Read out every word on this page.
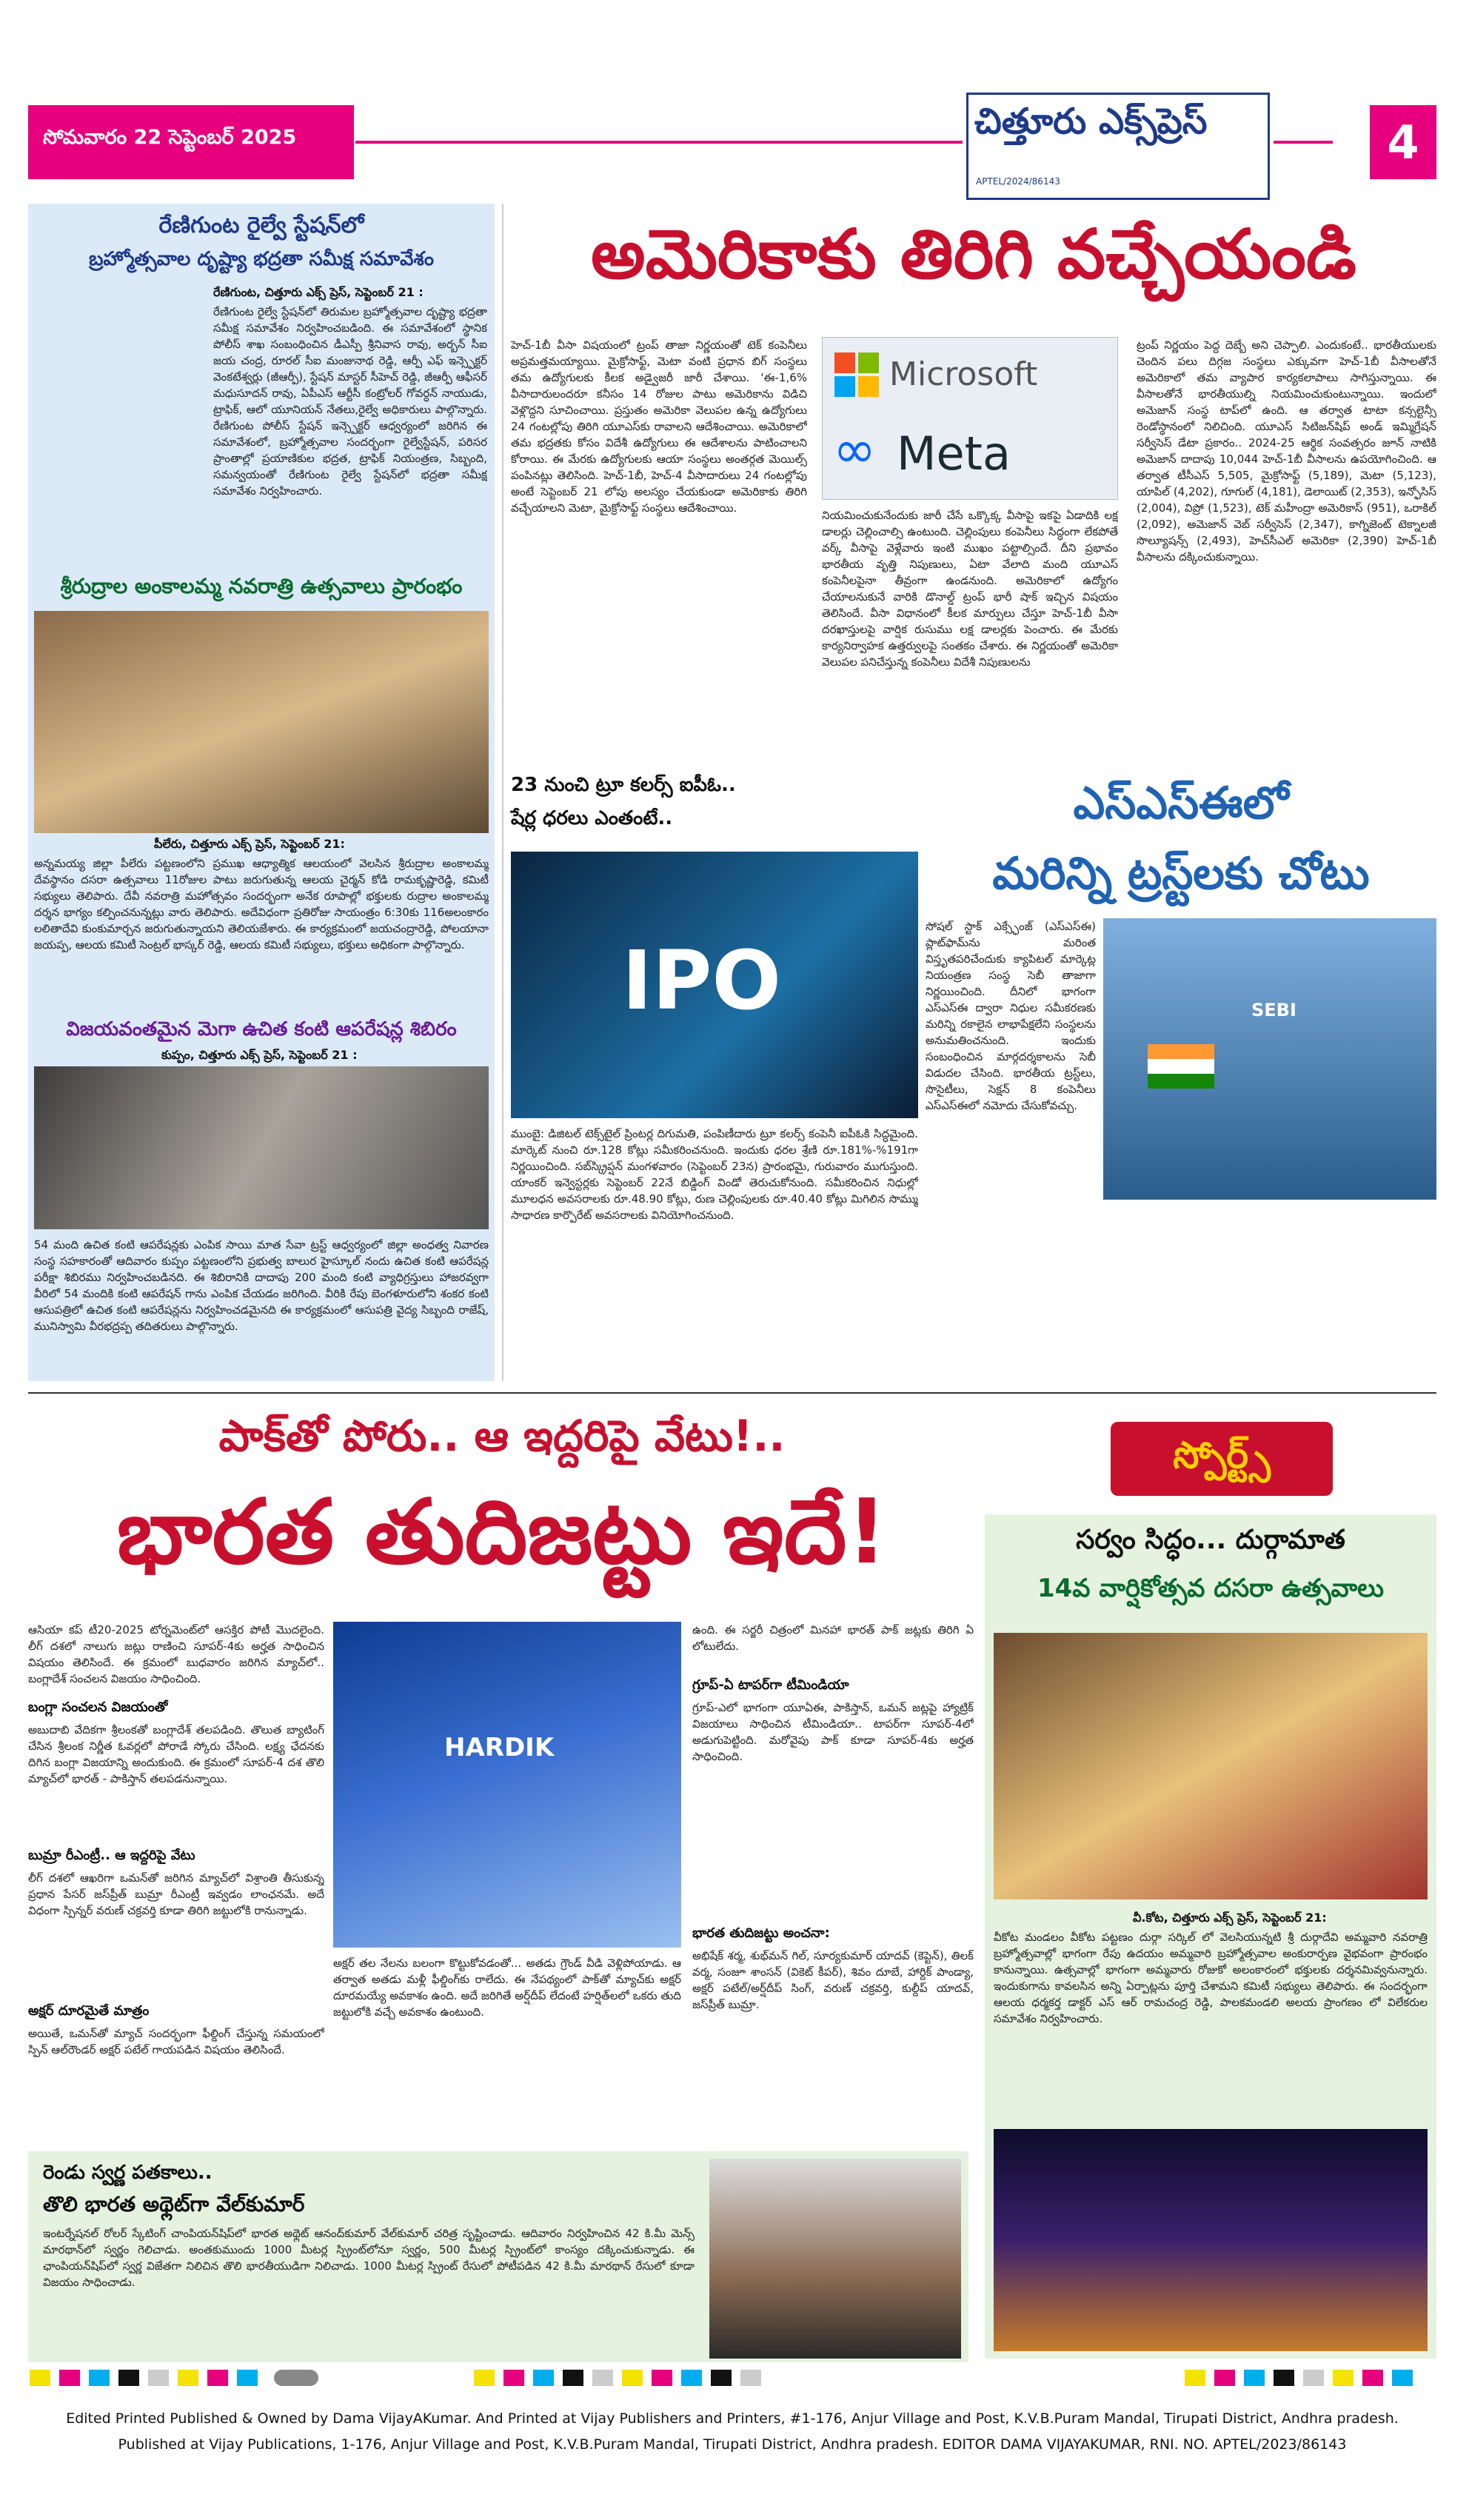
సోమవారం 22 సెప్టెంబర్ 2025	చిత్తూరు ఎక్స్‌ప్రెస్
APTEL/2024/86143
4
రేణిగుంట రైల్వే స్టేషన్‌లో
బ్రహ్మోత్సవాల దృష్ట్యా భద్రతా సమీక్ష సమావేశం
రేణిగుంట, చిత్తూరు ఎక్స్ ప్రెస్, సెప్టెంబర్ 21 :
రేణిగుంట రైల్వే స్టేషన్‌లో తిరుమల బ్రహ్మోత్సవాల దృష్ట్యా భద్రతా సమీక్ష సమావేశం నిర్వహించబడింది. ఈ సమావేశంలో స్థానిక పోలీస్ శాఖ సంబంధించిన డీఎస్పీ శ్రీనివాస రావు, అర్బన్ సీఐ జయ చంద్ర, రూరల్ సీఐ మంజునాథ రెడ్డి, ఆర్పీ ఎఫ్ ఇన్స్పెక్టర్ వెంకటేశ్వర్లు (జీఆర్పీ), స్టేషన్ మాస్టర్ సీహెచ్ రెడ్డి, జీఆర్పీ ఆఫీసర్ మధుసూదన్ రావు, ఏపీఎస్ ఆర్టీసీ కంట్రోలర్ గోవర్ధన్ నాయుడు, ట్రాఫిక్, ఆలో యూనియన్ నేతలు,రైల్వే అధికారులు పాల్గొన్నారు. రేణిగుంట పోలీస్ స్టేషన్ ఇన్స్పెక్టర్ ఆధ్వర్యంలో జరిగిన ఈ సమావేశంలో, బ్రహ్మోత్సవాల సందర్భంగా రైల్వేస్టేషన్, పరిసర ప్రాంతాల్లో ప్రయాణికుల భద్రత, ట్రాఫిక్ నియంత్రణ, సిబ్బంది, సమన్వయంతో రేణిగుంట రైల్వే స్టేషన్‌లో భద్రతా సమీక్ష సమావేశం నిర్వహించారు.
శ్రీరుద్రాల అంకాలమ్మ నవరాత్రి ఉత్సవాలు ప్రారంభం
పీలేరు, చిత్తూరు ఎక్స్ ప్రెస్, సెప్టెంబర్ 21:
అన్నమయ్య జిల్లా పీలేరు పట్టణంలోని ప్రముఖ ఆధ్యాత్మిక ఆలయంలో వెలసిన శ్రీరుద్రాల అంకాలమ్మ దేవస్థానం దసరా ఉత్సవాలు 11రోజుల పాటు జరుగుతున్న ఆలయ చైర్మన్ కోడి రామకృష్ణారెడ్డి, కమిటీ సభ్యులు తెలిపారు. దేవీ నవరాత్రి మహోత్సవం సందర్భంగా అనేక రూపాల్లో భక్తులకు రుద్రాల అంకాలమ్మ దర్శన భాగ్యం కల్పించనున్నట్లు వారు తెలిపారు. అదేవిధంగా ప్రతిరోజు సాయంత్రం 6:30కు 116అలంకారం లలితాదేవి కుంకుమార్చన జరుగుతున్నాయని తెలియజేశారు. ఈ కార్యక్రమంలో జయచంద్రారెడ్డి, పోలయానా జయప్ప, ఆలయ కమిటీ సెంట్రల్ భాస్కర్ రెడ్డి, ఆలయ కమిటీ సభ్యులు, భక్తులు అధికంగా పాల్గొన్నారు.
విజయవంతమైన మెగా ఉచిత కంటి ఆపరేషన్ల శిబిరం
కుప్పం, చిత్తూరు ఎక్స్ ప్రెస్, సెప్టెంబర్ 21 :
54 మంది ఉచిత కంటి ఆపరేషన్లకు ఎంపిక సాయి మాత సేవా ట్రస్ట్ ఆధ్వర్యంలో జిల్లా అంధత్వ నివారణ సంస్థ సహకారంతో ఆదివారం కుప్పం పట్టణంలోని ప్రభుత్వ బాలుర హైస్కూల్ నందు ఉచిత కంటి ఆపరేషన్ల పరీక్షా శిబిరము నిర్వహించబడినది. ఈ శిబిరానికి దాదాపు 200 మంది కంటి వ్యాధిగ్రస్తులు హాజరవ్వగా వీరిలో 54 మందికి కంటి ఆపరేషన్ గాను ఎంపిక చేయడం జరిగింది. వీరికి రేపు బెంగళూరులోని శంకర కంటి ఆసుపత్రిలో ఉచిత కంటి ఆపరేషన్లను నిర్వహించడమైనది ఈ కార్యక్రమంలో ఆసుపత్రి వైద్య సిబ్బంది రాజేష్, మునిస్వామి వీరభద్రప్ప తదితరులు పాల్గొన్నారు.
అమెరికాకు తిరిగి వచ్చేయండి
హెచ్-1బీ వీసా విషయంలో ట్రంప్ తాజా నిర్ణయంతో టెక్ కంపెనీలు అప్రమత్తమయ్యాయి. మైక్రోసాఫ్ట్, మెటా వంటి ప్రధాన బిగ్ సంస్థలు తమ ఉద్యోగులకు కీలక అడ్వైజరీ జారీ చేశాయి. 'ఈ-1,6% వీసాదారులందరూ కనీసం 14 రోజుల పాటు అమెరికాను విడిచి వెళ్లొద్దని సూచించాయి. ప్రస్తుతం అమెరికా వెలుపల ఉన్న ఉద్యోగులు 24 గంటల్లోపు తిరిగి యూఎస్‌కు రావాలని ఆదేశించాయి. అమెరికాలో తమ భద్రతకు కోసం విదేశీ ఉద్యోగులు ఈ ఆదేశాలను పాటించాలని కోరాయి. ఈ మేరకు ఉద్యోగులకు ఆయా సంస్థలు అంతర్గత మెయిల్స్ పంపినట్లు తెలిసింది. హెచ్-1బీ, హెచ్-4 వీసాదారులు 24 గంటల్లోపు అంటే సెప్టెంబర్ 21 లోపు అలస్యం చేయకుండా అమెరికాకు తిరిగి వచ్చేయాలని మెటా, మైక్రోసాఫ్ట్ సంస్థలు ఆదేశించాయి.
Microsoft
∞ Meta
నియమించుకునేందుకు జారీ చేసే ఒక్కొక్క వీసాపై ఇకపై ఏడాదికి లక్ష డాలర్లు చెల్లించాల్సి ఉంటుంది. చెల్లింపులు కంపెనీలు సిద్ధంగా లేకపోతే వర్క్ వీసాపై వెళ్లేవారు ఇంటి ముఖం పట్టాల్సిందే. దీని ప్రభావం భారతీయ వృత్తి నిపుణులు, ఏటా వేలాది మంది యూఎస్ కంపెనీలపైనా తీవ్రంగా ఉండనుంది. అమెరికాలో ఉద్యోగం చేయాలనుకునే వారికి డొనాల్డ్ ట్రంప్ భారీ షాక్ ఇచ్చిన విషయం తెలిసిందే. వీసా విధానంలో కీలక మార్పులు చేస్తూ హెచ్-1బీ వీసా దరఖాస్తులపై వార్షిక రుసుము లక్ష డాలర్లకు పెంచారు. ఈ మేరకు కార్యనిర్వాహక ఉత్తర్వులపై సంతకం చేశారు. ఈ నిర్ణయంతో అమెరికా వెలుపల పనిచేస్తున్న కంపెనీలు విదేశీ నిపుణులను
ట్రంప్ నిర్ణయం పెద్ద దెబ్బే అని చెప్పాలి. ఎందుకంటే.. భారతీయులకు చెందిన పలు దిగ్గజ సంస్థలు ఎక్కువగా హెచ్-1బీ వీసాలతోనే అమెరికాలో తమ వ్యాపార కార్యకలాపాలు సాగిస్తున్నాయి. ఈ వీసాలతోనే భారతీయుల్ని నియమించుకుంటున్నాయి. ఇందులో అమెజాన్ సంస్థ టాప్‌లో ఉంది. ఆ తర్వాత టాటా కన్సల్టెన్సీ రెండోస్థానంలో నిలిచింది. యూఎస్ సిటిజన్‌షిప్ అండ్ ఇమ్మిగ్రేషన్ సర్వీసెస్ డేటా ప్రకారం.. 2024-25 ఆర్థిక సంవత్సరం జూన్ నాటికి అమెజాన్ దాదాపు 10,044 హెచ్-1బీ వీసాలను ఉపయోగించింది. ఆ తర్వాత టీసీఎస్ 5,505, మైక్రోసాఫ్ట్ (5,189), మెటా (5,123), యాపిల్ (4,202), గూగుల్ (4,181), డెలాయిట్ (2,353), ఇన్ఫోసిస్ (2,004), విప్రో (1,523), టెక్ మహీంద్రా అమెరికాస్ (951), ఒరాకిల్ (2,092), అమెజాన్ వెబ్ సర్వీసెస్ (2,347), కాగ్నిజెంట్ టెక్నాలజీ సొల్యూషన్స్ (2,493), హెచ్‌సీఎల్ అమెరికా (2,390) హెచ్-1బీ వీసాలను దక్కించుకున్నాయి.
23 నుంచి ట్రూ కలర్స్ ఐపీఓ..
షేర్ల ధరలు ఎంతంటే..
IPO
ముంబై: డిజిటల్ టెక్స్‌టైల్ ప్రింటర్ల దిగుమతి, పంపిణీదారు ట్రూ కలర్స్ కంపెనీ ఐపీఓకి సిద్ధమైంది. మార్కెట్ నుంచి రూ.128 కోట్లు సమీకరించనుంది. ఇందుకు ధరల శ్రేణి రూ.181%-%191గా నిర్ణయించింది. సబ్‌స్క్రిప్షన్ మంగళవారం (సెప్టెంబర్ 23న) ప్రారంభమై, గురువారం ముగుస్తుంది. యాంకర్ ఇన్వెస్టర్లకు సెప్టెంబర్ 22నే బిడ్డింగ్ విండో తెరుచుకోనుంది. సమీకరించిన నిధుల్లో మూలధన అవసరాలకు రూ.48.90 కోట్లు, రుణ చెల్లింపులకు రూ.40.40 కోట్లు మిగిలిన సొమ్ము సాధారణ కార్పొరేట్ అవసరాలకు వినియోగించనుంది.
ఎస్ఎస్ఈలో
మరిన్ని ట్రస్ట్‌లకు చోటు
సోషల్ స్టాక్ ఎక్స్ఛేంజ్ (ఎస్ఎస్ఈ) ప్లాట్‌ఫామ్‌ను మరింత విస్తృతపరిచేందుకు క్యాపిటల్ మార్కెట్ల నియంత్రణ సంస్థ సెబీ తాజాగా నిర్ణయించింది. దీనిలో భాగంగా ఎస్ఎస్ఈ ద్వారా నిధుల సమీకరణకు మరిన్ని రకాలైన లాభాపేక్షలేని సంస్థలను అనుమతించనుంది. ఇందుకు సంబంధించిన మార్గదర్శకాలను సెబీ విడుదల చేసింది. భారతీయ ట్రస్ట్‌లు, సొసైటీలు, సెక్షన్ 8 కంపెనీలు ఎస్ఎస్ఈలో నమోదు చేసుకోవచ్చు.
SEBI
పాక్‌తో పోరు.. ఆ ఇద్దరిపై వేటు!..
భారత తుదిజట్టు ఇదే!
స్పోర్ట్స్
ఆసియా కప్ టీ20-2025 టోర్నమెంట్‌లో ఆసక్తిర పోటీ మొదలైంది. లీగ్ దశలో నాలుగు జట్లు రాణించి సూపర్-4కు అర్హత సాధించిన విషయం తెలిసిందే. ఈ క్రమంలో బుధవారం జరిగిన మ్యాచ్‌లో.. బంగ్లాదేశ్ సంచలన విజయం సాధించింది.
బంగ్లా సంచలన విజయంతో
అబుదాబి వేదికగా శ్రీలంకతో బంగ్లాదేశ్ తలపడింది. తొలుత బ్యాటింగ్ చేసిన శ్రీలంక నిర్ణీత ఓవర్లలో పోరాడే స్కోరు చేసింది. లక్ష్య ఛేదనకు దిగిన బంగ్లా విజయాన్ని అందుకుంది. ఈ క్రమంలో సూపర్-4 దశ తొలి మ్యాచ్‌లో భారత్ - పాకిస్తాన్ తలపడనున్నాయి.
బుమ్రా రీఎంట్రీ.. ఆ ఇద్దరిపై వేటు
లీగ్ దశలో ఆఖరిగా ఒమన్‌తో జరిగిన మ్యాచ్‌లో విశ్రాంతి తీసుకున్న ప్రధాన పేసర్ జస్‌ప్రీత్ బుమ్రా రీఎంట్రీ ఇవ్వడం లాంఛనమే. అదే విధంగా స్పిన్నర్ వరుణ్ చక్రవర్తి కూడా తిరిగి జట్టులోకి రానున్నాడు.
అక్షర్ దూరమైతే మాత్రం
అయితే, ఒమన్‌తో మ్యాచ్ సందర్భంగా ఫీల్డింగ్ చేస్తున్న సమయంలో స్పిన్ ఆల్‌రౌండర్ అక్షర్ పటేల్ గాయపడిన విషయం తెలిసిందే.
HARDIK
అక్షర్ తల నేలను బలంగా కొట్టుకోవడంతో... అతడు గ్రౌండ్ వీడి వెళ్లిపోయాడు. ఆ తర్వాత అతడు మళ్లీ ఫీల్డింగ్‌కు రాలేదు. ఈ నేపథ్యంలో పాక్‌తో మ్యాచ్‌కు అక్షర్ దూరమయ్యే అవకాశం ఉంది. అదే జరిగితే అర్ష్‌దీప్ లేదంటే హర్షిత్‌లలో ఒకరు తుది జట్టులోకి వచ్చే అవకాశం ఉంటుంది.
ఉంది. ఈ సర్జరీ చిత్రంలో మినహా భారత్ పాక్ జట్లకు తిరిగి ఏ లోటులేదు.
గ్రూప్-ఏ టాపర్‌గా టీమిండియా
గ్రూప్-ఎలో భాగంగా యూఏఈ, పాకిస్తాన్, ఒమన్ జట్లపై హ్యాట్రిక్ విజయాలు సాధించిన టీమిండియా.. టాపర్‌గా సూపర్-4లో అడుగుపెట్టింది. మరోవైపు పాక్ కూడా సూపర్-4కు అర్హత సాధించింది.
భారత తుదిజట్టు అంచనా:
అభిషేక్ శర్మ, శుభ్‌మన్ గిల్, సూర్యకుమార్ యాదవ్ (కెప్టెన్), తిలక్ వర్మ, సంజూ శాంసన్ (వికెట్ కీపర్), శివం దూబే, హార్దిక్ పాండ్యా, అక్షర్ పటేల్/అర్ష్‌దీప్ సింగ్, వరుణ్ చక్రవర్తి, కుల్దీప్ యాదవ్, జస్‌ప్రీత్ బుమ్రా.
సర్వం సిద్ధం... దుర్గామాత
14వ వార్షికోత్సవ దసరా ఉత్సవాలు
వీ.కోట, చిత్తూరు ఎక్స్ ప్రెస్, సెప్టెంబర్ 21:
వీకోట మండలం వీకోట పట్టణం దుర్గా సర్కిల్ లో వెలసియున్నటి శ్రీ దుర్గాదేవి అమ్మవారి నవరాత్రి బ్రహ్మోత్సవాల్లో భాగంగా రేపు ఉదయం అమ్మవారి బ్రహ్మోత్సవాల అంకురార్పణ వైభవంగా ప్రారంభం కానున్నాయి. ఉత్సవాల్లో భాగంగా అమ్మవారు రోజుకో అలంకారంలో భక్తులకు దర్శనమివ్వనున్నారు. ఇందుకుగాను కావలసిన అన్ని ఏర్పాట్లను పూర్తి చేశామని కమిటీ సభ్యులు తెలిపారు. ఈ సందర్భంగా ఆలయ ధర్మకర్త డాక్టర్ ఎస్ ఆర్ రామచంద్ర రెడ్డి, పాలకమండలి అలయ ప్రాంగణం లో విలేకరుల సమావేశం నిర్వహించారు.
రెండు స్వర్ణ పతకాలు..
తొలి భారత అథ్లెట్‌గా వేల్‌కుమార్
ఇంటర్నేషనల్ రోలర్ స్కేటింగ్ చాంపియన్‌షిప్‌లో భారత అథ్లెట్ ఆనంద్‌కుమార్ వేల్‌కుమార్ చరిత్ర సృష్టించాడు. ఆదివారం నిర్వహించిన 42 కి.మీ మెన్స్ మారథాన్‌లో స్వర్ణం గెలిచాడు. అంతకుముందు 1000 మీటర్ల స్ప్రింట్‌లోనూ స్వర్ణం, 500 మీటర్ల స్ప్రింట్‌లో కాంస్యం దక్కించుకున్నాడు. ఈ ఛాంపియన్‌షిప్‌లో స్వర్ణ విజేతగా నిలిచిన తొలి భారతీయుడిగా నిలిచాడు. 1000 మీటర్ల స్ప్రింట్ రేసులో పోటీపడిన 42 కి.మీ మారథాన్ రేసులో కూడా విజయం సాధించాడు.
Edited Printed Published & Owned by Dama VijayAKumar. And Printed at Vijay Publishers and Printers, #1-176, Anjur Village and Post, K.V.B.Puram Mandal, Tirupati District, Andhra pradesh.
Published at Vijay Publications, 1-176, Anjur Village and Post, K.V.B.Puram Mandal, Tirupati District, Andhra pradesh. EDITOR DAMA VIJAYAKUMAR, RNI. NO. APTEL/2023/86143
